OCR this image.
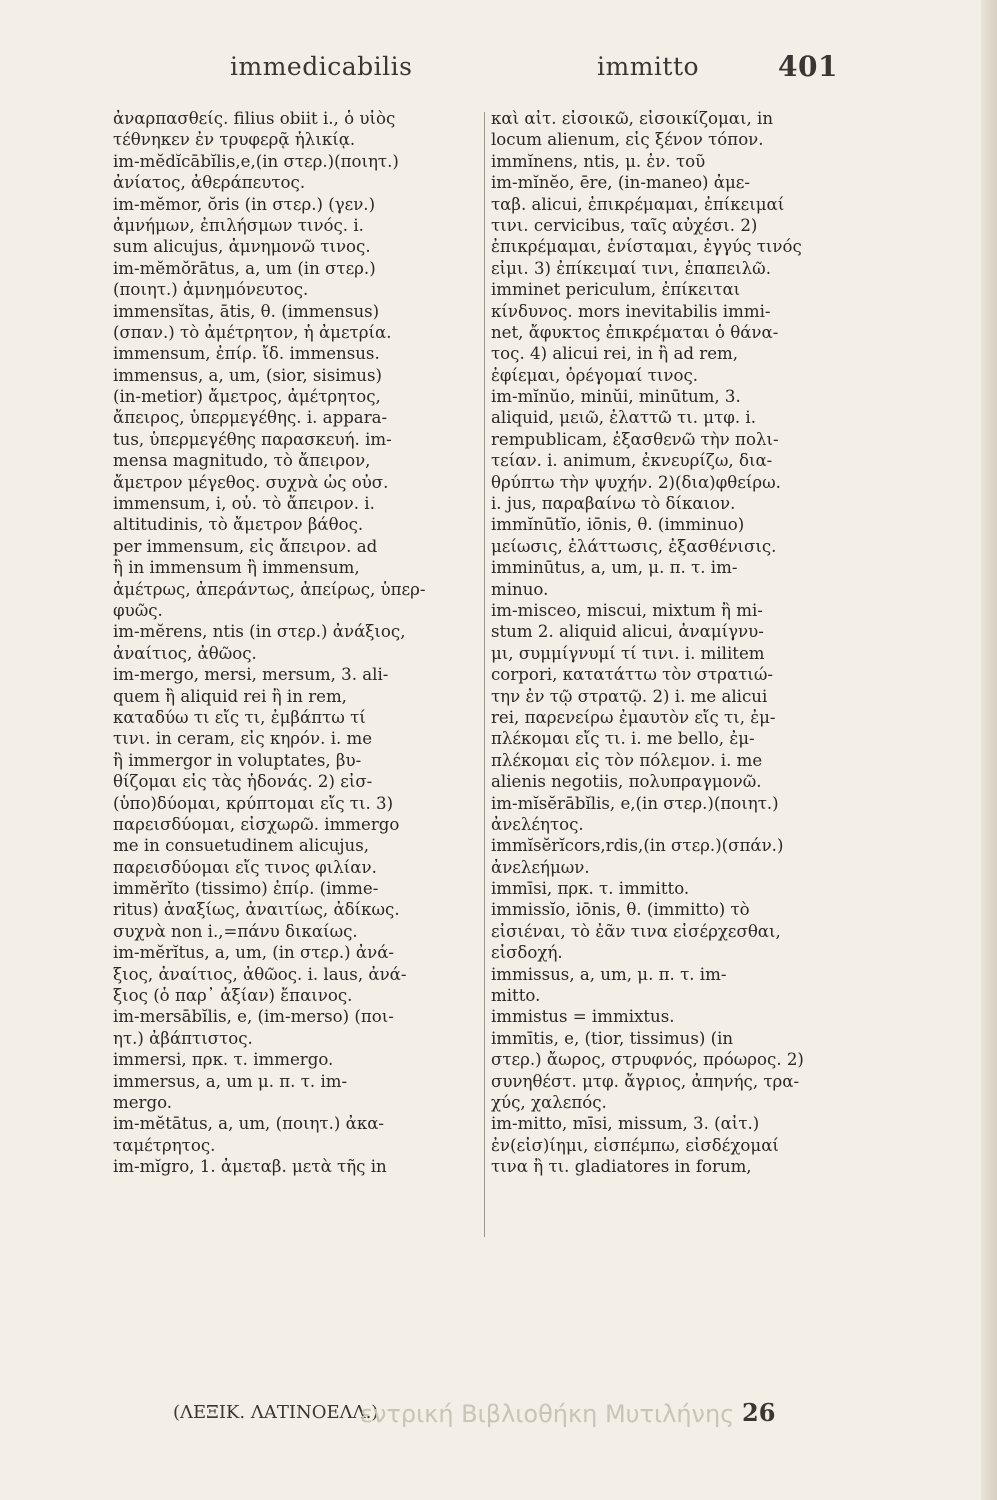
immedicabilis	immitto	401
ἀναρπασθείς. filius obiit i., ὁ υἱὸς
τέθνηκεν ἐν τρυφερᾷ ἡλικίᾳ.
im-mĕdĭcābĭlis,e,(in στερ.)(ποιητ.)
ἀνίατος, ἀθεράπευτος.
im-mĕmor, ŏris (in στερ.) (γεν.)
ἀμνήμων, ἐπιλήσμων τινός. i.
sum alicujus, ἀμνημονῶ τινος.
im-mĕmŏrātus, a, um (in στερ.)
(ποιητ.) ἀμνημόνευτος.
immensĭtas, ātis, θ. (immensus)
(σπαν.) τὸ ἀμέτρητον, ἡ ἀμετρία.
immensum, ἐπίρ. ἴδ. immensus.
immensus, a, um, (sior, sisimus)
(in-metior) ἄμετρος, ἀμέτρητος,
ἄπειρος, ὑπερμεγέθης. i. appara-
tus, ὑπερμεγέθης παρασκευή. im-
mensa magnitudo, τὸ ἄπειρον,
ἄμετρον μέγεθος. συχνὰ ὡς οὐσ.
immensum, i, οὐ. τὸ ἄπειρον. i.
altitudinis, τὸ ἄμετρον βάθος.
per immensum, εἰς ἄπειρον. ad
ἢ in immensum ἢ immensum,
ἀμέτρως, ἀπεράντως, ἀπείρως, ὑπερ-
φυῶς.
im-mĕrens, ntis (in στερ.) ἀνάξιος,
ἀναίτιος, ἀθῶος.
im-mergo, mersi, mersum, 3. ali-
quem ἢ aliquid rei ἢ in rem,
καταδύω τι εἴς τι, ἐμβάπτω τί
τινι. in ceram, εἰς κηρόν. i. me
ἢ immergor in voluptates, βυ-
θίζομαι εἰς τὰς ἡδονάς. 2) εἰσ-
(ὑπο)δύομαι, κρύπτομαι εἴς τι. 3)
παρεισδύομαι, εἰσχωρῶ. immergo
me in consuetudinem alicujus,
παρεισδύομαι εἴς τινος φιλίαν.
immĕrĭto (tissimo) ἐπίρ. (imme-
ritus) ἀναξίως, ἀναιτίως, ἀδίκως.
συχνὰ non i.,=πάνυ δικαίως.
im-mĕrĭtus, a, um, (in στερ.) ἀνά-
ξιος, ἀναίτιος, ἀθῶος. i. laus, ἀνά-
ξιος (ὁ παρ᾽ ἀξίαν) ἔπαινος.
im-mersābĭlis, e, (im-merso) (ποι-
ητ.) ἀβάπτιστος.
immersi, πρκ. τ. immergo.
immersus, a, um μ. π. τ. im-
mergo.
im-mĕtātus, a, um, (ποιητ.) ἀκα-
ταμέτρητος.
im-mĭgro, 1. ἀμεταβ. μετὰ τῆς in
καὶ αἰτ. εἰσοικῶ, εἰσοικίζομαι, in
locum alienum, εἰς ξένον τόπον.
immĭnens, ntis, μ. ἐν. τοῦ
im-mĭnĕo, ēre, (in-maneo) ἀμε-
ταβ. alicui, ἐπικρέμαμαι, ἐπίκειμαί
τινι. cervicibus, ταῖς αὐχέσι. 2)
ἐπικρέμαμαι, ἐνίσταμαι, ἐγγύς τινός
εἰμι. 3) ἐπίκειμαί τινι, ἐπαπειλῶ.
imminet periculum, ἐπίκειται
κίνδυνος. mors inevitabilis immi-
net, ἄφυκτος ἐπικρέμαται ὁ θάνα-
τος. 4) alicui rei, in ἢ ad rem,
ἐφίεμαι, ὀρέγομαί τινος.
im-mĭnŭo, minŭi, minūtum, 3.
aliquid, μειῶ, ἐλαττῶ τι. μτφ. i.
rempublicam, ἐξασθενῶ τὴν πολι-
τείαν. i. animum, ἐκνευρίζω, δια-
θρύπτω τὴν ψυχήν. 2)(δια)φθείρω.
i. jus, παραβαίνω τὸ δίκαιον.
immĭnūtĭo, iōnis, θ. (imminuo)
μείωσις, ἐλάττωσις, ἐξασθένισις.
imminūtus, a, um, μ. π. τ. im-
minuo.
im-misceo, miscui, mixtum ἢ mi-
stum 2. aliquid alicui, ἀναμίγνυ-
μι, συμμίγνυμί τί τινι. i. militem
corpori, κατατάττω τὸν στρατιώ-
την ἐν τῷ στρατῷ. 2) i. me alicui
rei, παρενείρω ἐμαυτὸν εἴς τι, ἐμ-
πλέκομαι εἴς τι. i. me bello, ἐμ-
πλέκομαι εἰς τὸν πόλεμον. i. me
alienis negotiis, πολυπραγμονῶ.
im-mĭsĕrābĭlis, e,(in στερ.)(ποιητ.)
ἀνελέητος.
immĭsĕrĭcors,rdis,(in στερ.)(σπάν.)
ἀνελεήμων.
immīsi, πρκ. τ. immitto.
immissĭo, iōnis, θ. (immitto) τὸ
εἰσιέναι, τὸ ἐᾶν τινα εἰσέρχεσθαι,
εἰσδοχή.
immissus, a, um, μ. π. τ. im-
mitto.
immistus = immixtus.
immītis, e, (tior, tissimus) (in
στερ.) ἄωρος, στρυφνός, πρόωρος. 2)
συνηθέστ. μτφ. ἄγριος, ἀπηνής, τρα-
χύς, χαλεπός.
im-mitto, mīsi, missum, 3. (αἰτ.)
ἐν(εἰσ)ίημι, εἰσπέμπω, εἰσδέχομαί
τινα ἢ τι. gladiatores in forum,
(ΛΕΞΙΚ. ΛΑΤΙΝΟΕΛΛ.)
εντρική Βιβλιοθήκη Μυτιλήνης 26
